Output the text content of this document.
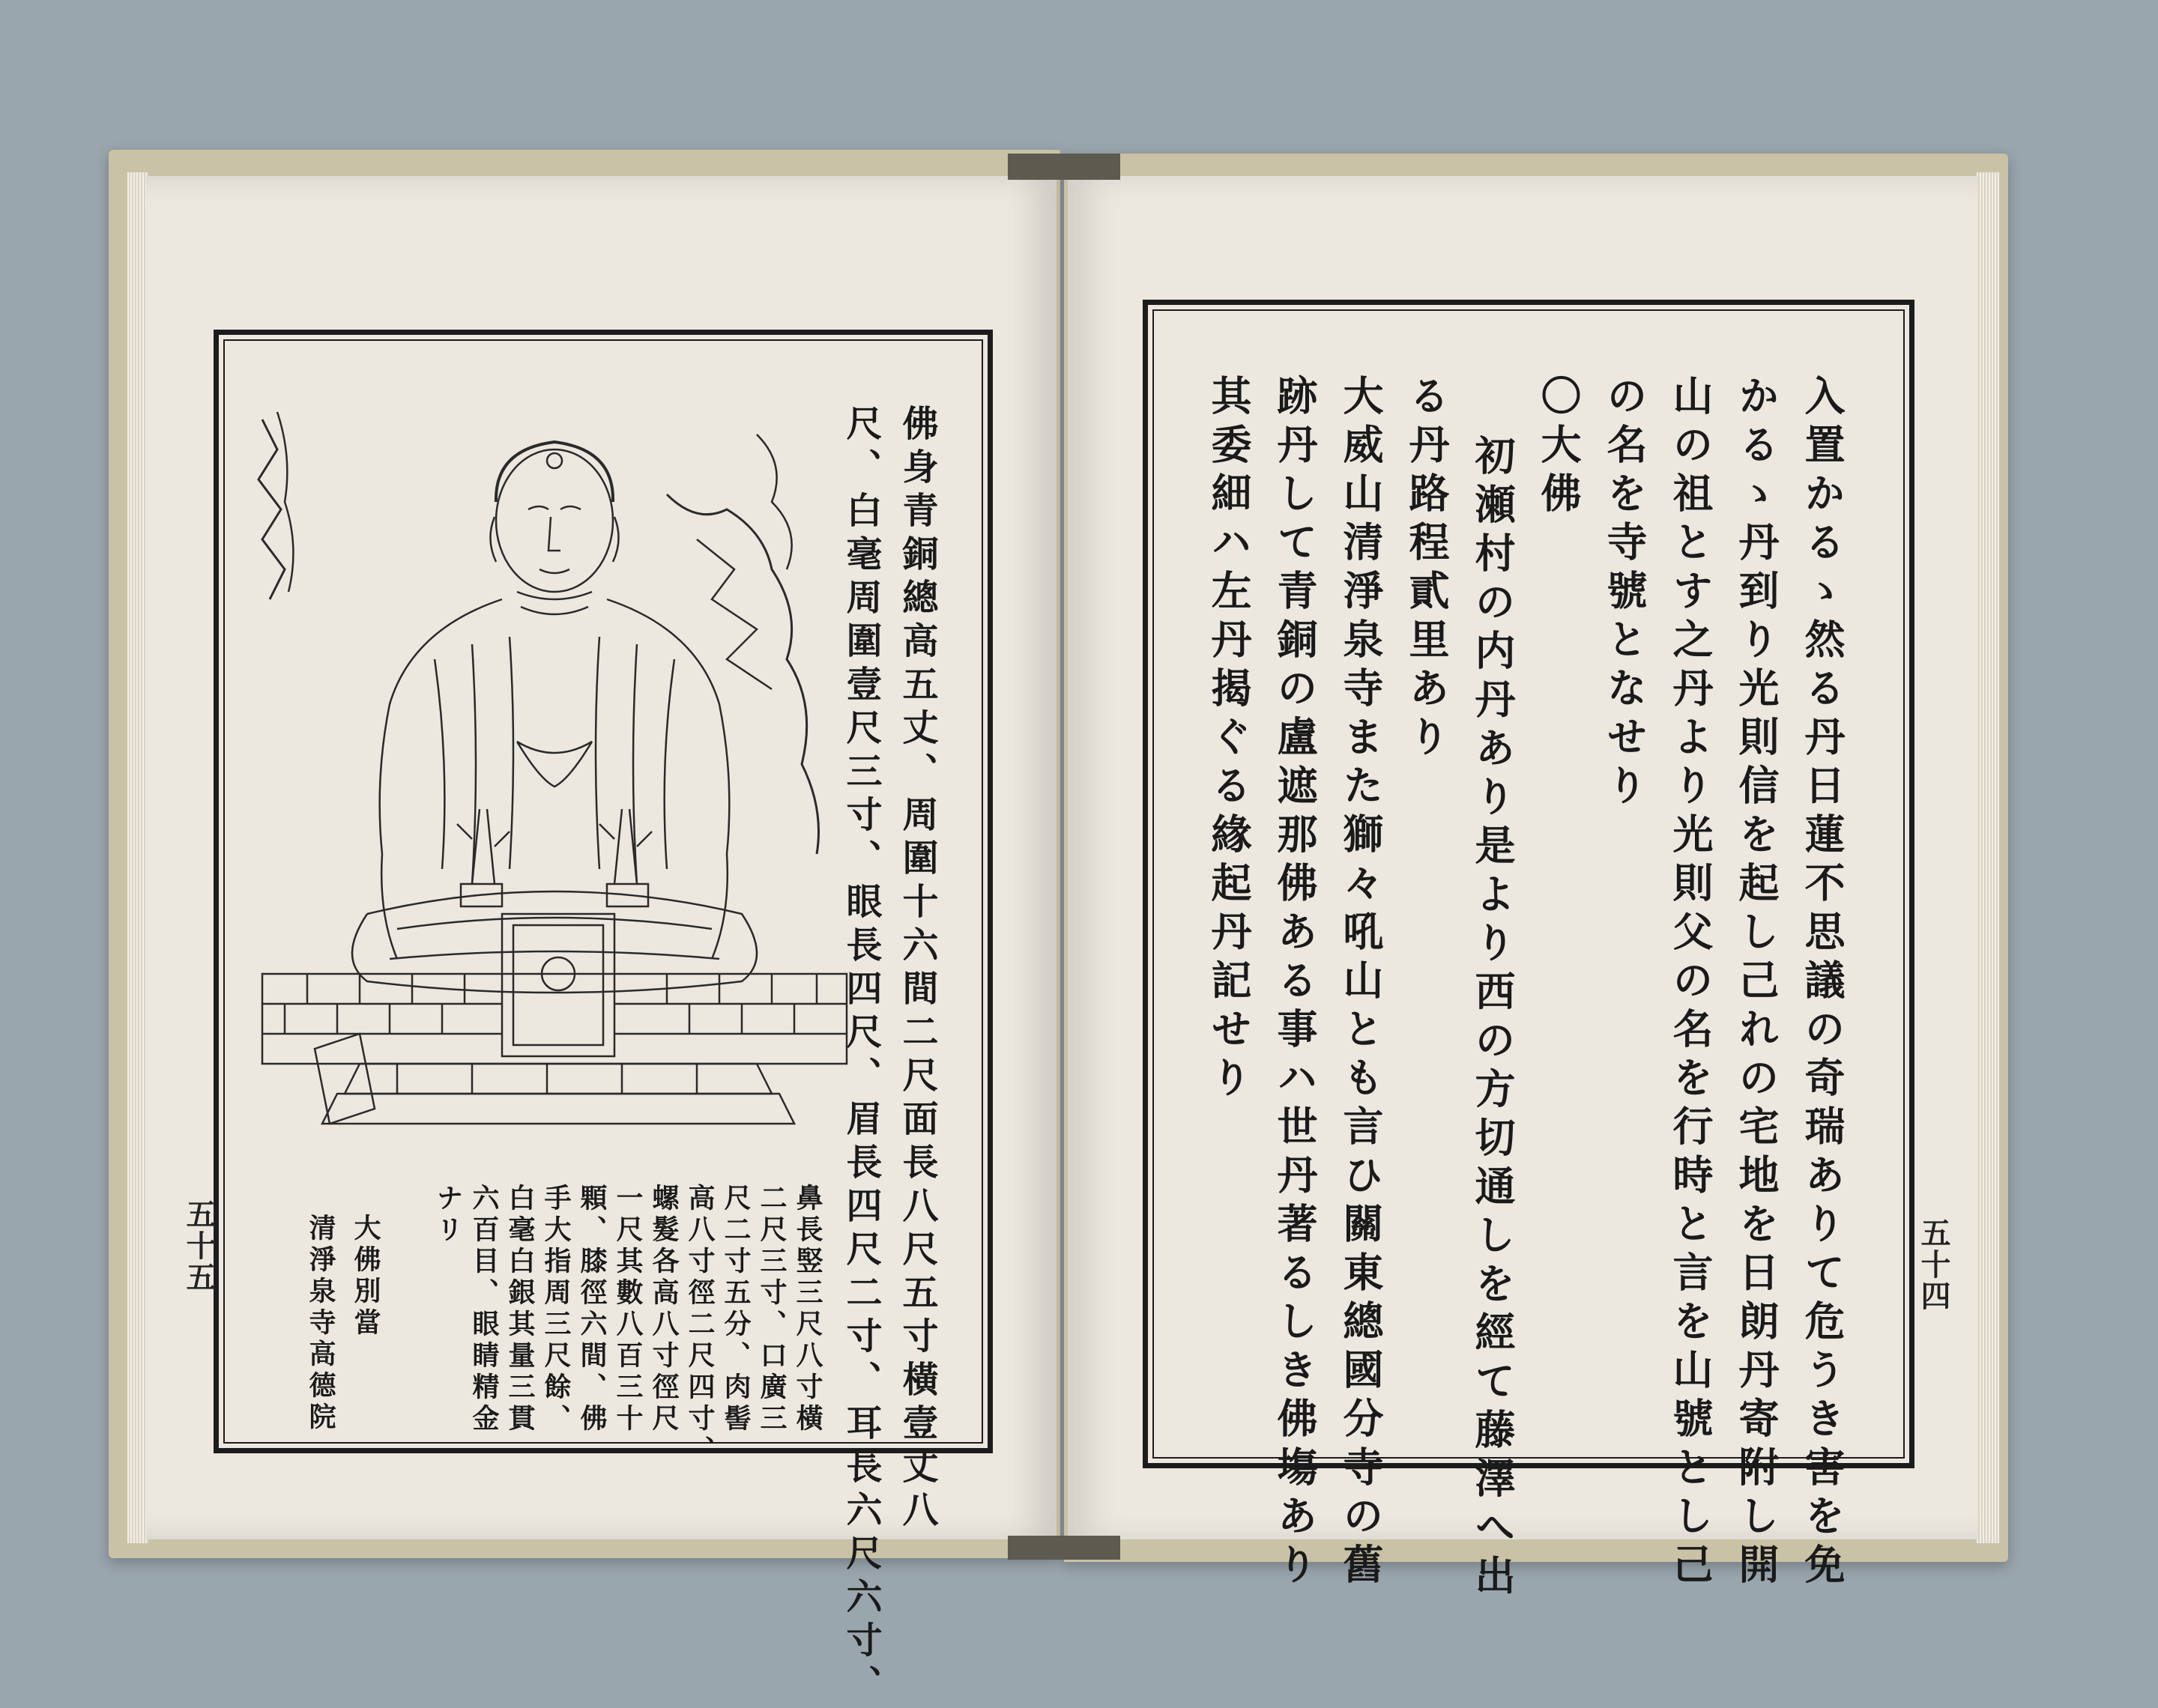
入置かるゝ然る丹日蓮不思議の奇瑞ありて危うき害を免
かるゝ丹到り光則信を起し己れの宅地を日朗丹寄附し開
山の祖とす之丹より光則父の名を行時と言を山號とし己
の名を寺號となせり
〇大佛
初瀬村の内丹あり是より西の方切通しを經て藤澤へ出
る丹路程貳里あり
大威山清淨泉寺また獅々吼山とも言ひ關東總國分寺の舊
跡丹して青銅の盧遮那佛ある事ハ世丹著るしき佛塲あり
其委細ハ左丹揭ぐる緣起丹記せり
五十四
佛身青銅總高五丈、周圍十六間二尺面長八尺五寸橫壹丈八
尺、白毫周圍壹尺三寸、眼長四尺、眉長四尺二寸、耳長六尺六寸、
鼻長竪三尺八寸橫
二尺三寸、口廣三
尺二寸五分、肉髻
高八寸徑二尺四寸、
螺髮各高八寸徑尺
一尺其數八百三十
顆、膝徑六間、佛
手大指周三尺餘、
白毫白銀其量三貫
六百目、眼睛精金
ナリ
大佛別當
清淨泉寺高德院
五十五
